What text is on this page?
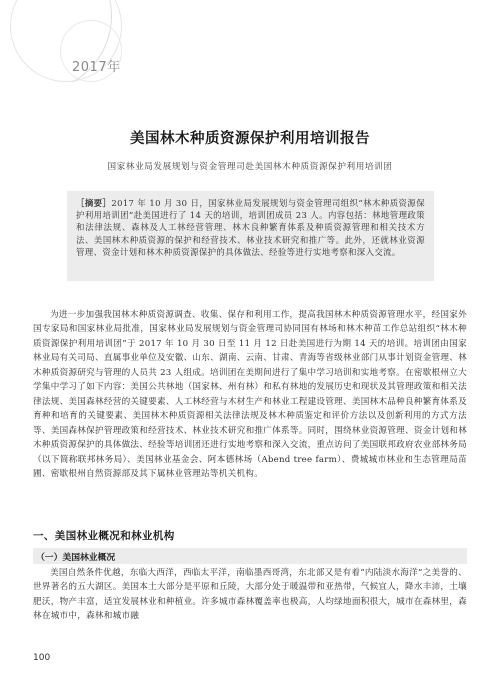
2017年
美国林木种质资源保护利用培训报告
国家林业局发展规划与资金管理司赴美国林木种质资源保护利用培训团
［摘要］2017 年 10 月 30 日，国家林业局发展规划与资金管理司组织“林木种质资源保护利用培训团”赴美国进行了 14 天的培训，培训团成员 23 人。内容包括：林地管理政策和法律法规、森林及人工林经营管理、林木良种繁育体系及种质资源管理和相关技术方法、美国林木种质资源的保护和经营技术、林业技术研究和推广等。此外，还就林业资源管理、资金计划和林木种质资源保护的具体做法、经验等进行实地考察和深入交流。
为进一步加强我国林木种质资源调查、收集、保存和利用工作，提高我国林木种质资源管理水平，经国家外国专家局和国家林业局批准，国家林业局发展规划与资金管理司协同国有林场和林木种苗工作总站组织“林木种质资源保护利用培训团”于 2017 年 10 月 30 日至 11 月 12 日赴美国进行为期 14 天的培训。培训团由国家林业局有关司局、直属事业单位及安徽、山东、湖南、云南、甘肃、青海等省级林业部门从事计划资金管理、林木种质资源研究与管理的人员共 23 人组成。培训团在美期间进行了集中学习培训和实地考察。在密歇根州立大学集中学习了如下内容：美国公共林地（国家林、州有林）和私有林地的发展历史和现状及其管理政策和相关法律法规、美国森林经营的关键要素、人工林经营与木材生产和林业工程建设管理、美国林木品种良种繁育体系及育种和培育的关键要素、美国林木种质资源相关法律法规及林木种质鉴定和评价方法以及创新利用的方式方法等、美国森林保护管理政策和经营技术、林业技术研究和推广体系等。同时，围绕林业资源管理、资金计划和林木种质资源保护的具体做法、经验等培训团还进行实地考察和深入交流，重点访问了美国联邦政府农业部林务局（以下简称联邦林务局）、美国林业基金会、阿本德林场（Abend tree farm）、费城城市林业和生态管理局苗圃、密歇根州自然资源部及其下属林业管理站等机关机构。
一、美国林业概况和林业机构
（一）美国林业概况
美国自然条件优越，东临大西洋，西临太平洋，南临墨西哥湾，东北部又是有着“内陆淡水海洋”之美誉的、世界著名的五大湖区。美国本土大部分是平原和丘陵，大部分处于暖温带和亚热带，气候宜人，降水丰沛，土壤肥沃，物产丰富，适宜发展林业和种植业。许多城市森林覆盖率也极高，人均绿地面积很大，城市在森林里，森林在城市中，森林和城市融
100
